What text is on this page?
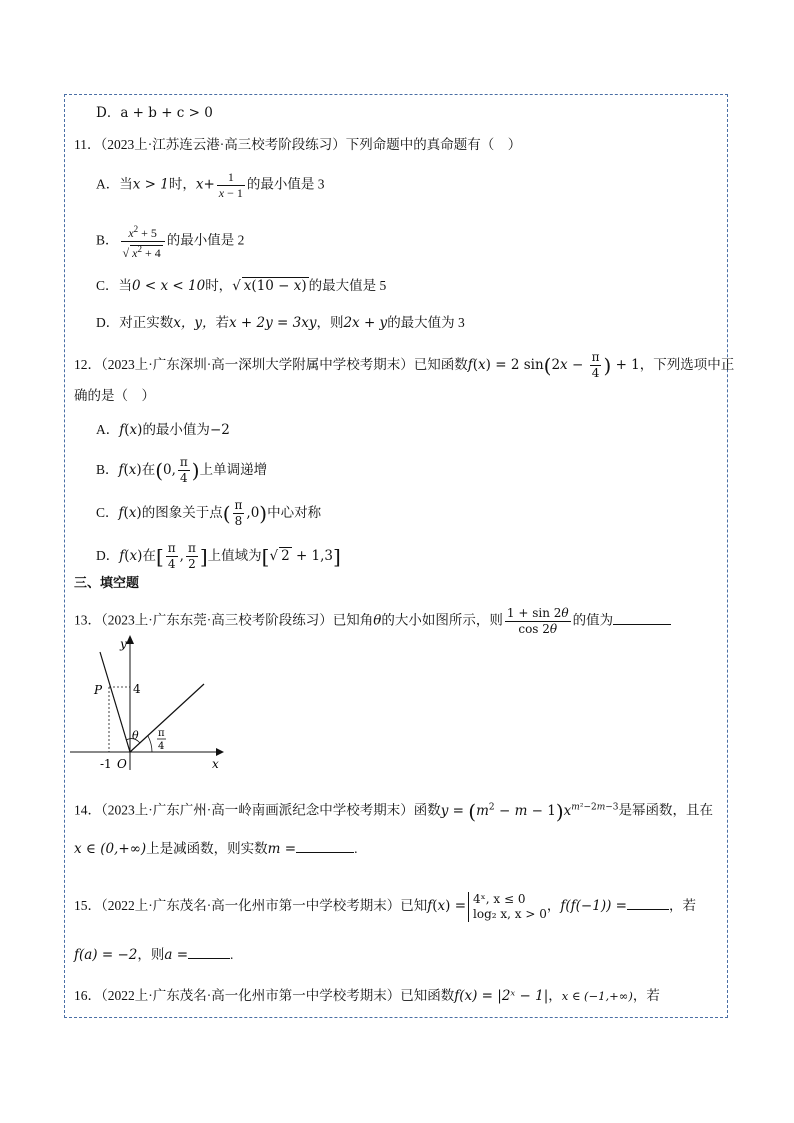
D．a + b + c > 0
11．（2023上·江苏连云港·高三校考阶段练习）下列命题中的真命题有（　）
A．当x > 1时，$x+ \frac{1}{x - 1}$ 的最小值是 3
B． $\frac{x^2 + 5}{√ x^2 + 4}$ 的最小值是 2
C．当0 < x < 10时，√ x(10 − x) 的最大值是 5
D．对正实数x，y，若x + 2y = 3xy，则2x + y的最大值为 3
12．（2023上·广东深圳·高一深圳大学附属中学校考期末）已知函数f(x) = 2 $\sin(2x - \frac{\pi}{4}$ ) + 1，下列选项中正
确的是（　）
A．f(x)的最小值为−2
B．f(x)在(0, $\frac{\pi}{4}$ )上单调递增
C．f(x)的图象关于点( $\frac{\pi}{8} ,0$)中心对称
D．f(x)在[ $\frac{\pi}{4}$ , $\frac{\pi}{2}$ ]上值域为[√ 2 + 1,3]
三、填空题
13．（2023上·广东东莞·高三校考阶段练习）已知角θ的大小如图所示，则 $\frac{1 + \sin 2\theta}{\cos 2\theta}$ 的值为
y
x
P	4
θ π
4
-1 O
14．（2023上·广东广州·高一岭南画派纪念中学校考期末）函数$y = (m^2 - m - 1)x^{m^2-2m-3}$是幂函数，且在
x ∈ (0,+∞)上是减函数，则实数m =	.
15．（2022上·广东茂名·高一化州市第一中学校考期末）已知f(x) = 4ˣ, x ≤ 0
log₂ x, x > 0
，f(f(−1)) =	，若
f(a) = −2，则a =	.
16．（2022上·广东茂名·高一化州市第一中学校考期末）已知函数f(x) = |2ˣ − 1|，x ∈ (−1,+∞)，若
